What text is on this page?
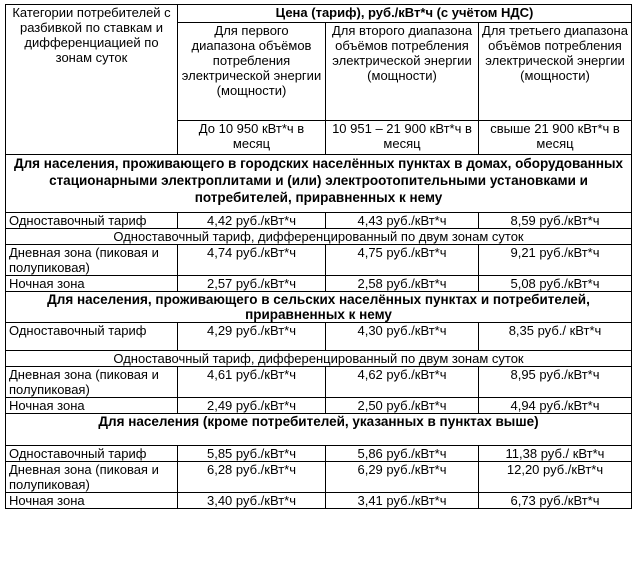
Категории потребителей с разбивкой по ставкам и дифференциацией по зонам суток	Цена (тариф), руб./кВт*ч (с учётом НДС)		
	Для первого диапазона объёмов потребления электрической энергии (мощности)	Для второго диапазона объёмов потребления электрической энергии (мощности)	Для третьего диапазона объёмов потребления электрической энергии (мощности)
	До 10 950 кВт*ч в месяц	10 951 – 21 900 кВт*ч в месяц	свыше 21 900 кВт*ч в месяц
Для населения, проживающего в городских населённых пунктах в домах, оборудованных стационарными электроплитами и (или) электроотопительными установками и потребителей, приравненных к нему			
Одноставочный тариф	4,42 руб./кВт*ч	4,43 руб./кВт*ч	8,59 руб./кВт*ч
Одноставочный тариф, дифференцированный по двум зонам суток			
Дневная зона (пиковая и полупиковая)	4,74 руб./кВт*ч	4,75 руб./кВт*ч	9,21 руб./кВт*ч
Ночная зона	2,57 руб./кВт*ч	2,58 руб./кВт*ч	5,08 руб./кВт*ч
Для населения, проживающего в сельских населённых пунктах и потребителей, приравненных к нему			
Одноставочный тариф	4,29 руб./кВт*ч	4,30 руб./кВт*ч	8,35 руб./ кВт*ч
Одноставочный тариф, дифференцированный по двум зонам суток			
Дневная зона (пиковая и полупиковая)	4,61 руб./кВт*ч	4,62 руб./кВт*ч	8,95 руб./кВт*ч
Ночная зона	2,49 руб./кВт*ч	2,50 руб./кВт*ч	4,94 руб./кВт*ч
Для населения (кроме потребителей, указанных в пунктах выше)			
Одноставочный тариф	5,85 руб./кВт*ч	5,86 руб./кВт*ч	11,38 руб./ кВт*ч
Дневная зона (пиковая и полупиковая)	6,28 руб./кВт*ч	6,29 руб./кВт*ч	12,20 руб./кВт*ч
Ночная зона	3,40 руб./кВт*ч	3,41 руб./кВт*ч	6,73 руб./кВт*ч
